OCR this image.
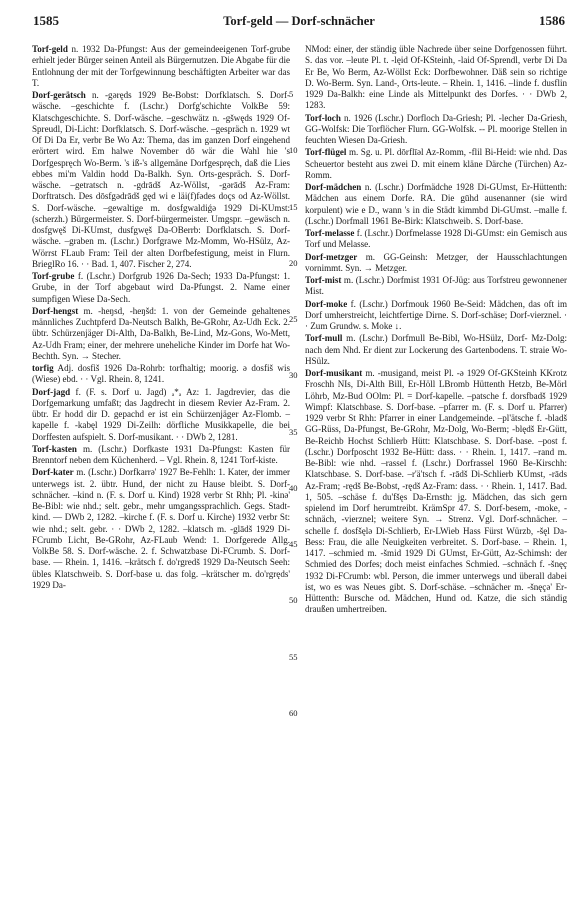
1585	Torf-geld — Dorf-schnächer	1586

Torf-geld n. 1932 Da-Pfungst: Aus der gemeindeeigenen Torf-grube erhielt jeder Bürger seinen Anteil als Bürgernutzen. Die Abgabe für die Entlohnung der mit der Torfgewinnung beschäftigten Arbeiter war das T.

Dorf-gerätsch n. -gəręds 1929 Be-Bobst: Dorfklatsch. S. Dorf-wäsche. –geschichte f. (Lschr.) Dorfg'schichte VolkBe 59: Klatschgeschichte. S. Dorf-wäsche. –geschwätz n. -gšwęds 1929 Of-Spreudl, Di-Licht: Dorfklatsch. S. Dorf-wäsche. –gespräch n. 1929 wt Of Di Da Er, verbr Be Wo Az: Thema, das im ganzen Dorf eingehend erörtert wird. Em halwe November dō wär die Wahl hie 's Dorfgespręch Wo-Berm. 's iß-'s allgemäne Dorfgespręch, daß die Lies ebbes mi'm Valdin hodd Da-Balkh. Syn. Orts-gespräch. S. Dorf-wäsche. –getratsch n. -gdrādš Az-Wöllst, -gərādš Az-Fram: Dorftratsch. Des dōsfgədrādš gęd wi e läi(f)fədes doçs od Az-Wöllst. S. Dorf-wäsche. –gewaltige m. dosfgwaldiǵə 1929 Di-KUmst: (scherzh.) Bürgermeister. S. Dorf-bürgermeister. Umgspr. –gewäsch n. dosfgwęš Di-KUmst, dusfgwęš Da-OBerrb: Dorfklatsch. S. Dorf-wäsche. –graben m. (Lschr.) Dorfgrawe Mz-Momm, Wo-HSülz, Az-Wörrst FLaub Fram: Teil der alten Dorfbefestigung, meist in Flurn. BrieglRo 16. · · Bad. 1, 407. Fischer 2, 274.

Torf-grube f. (Lschr.) Dorfgrub 1926 Da-Sech; 1933 Da-Pfungst: 1. Grube, in der Torf abgebaut wird Da-Pfungst. 2. Name einer sumpfigen Wiese Da-Sech.

Dorf-hengst m. -heŋsd, -heŋšd: 1. von der Gemeinde gehaltenes männliches Zuchtpferd Da-Neutsch Balkh, Be-GRohr, Az-Udh Eck. 2. übtr. Schürzenjäger Di-Alth, Da-Balkh, Be-Lind, Mz-Gons, Wo-Mett, Az-Udh Fram; einer, der mehrere uneheliche Kinder im Dorfe hat Wo-Bechth. Syn. → Stecher.

torfig Adj. dosfiš 1926 Da-Rohrb: torfhaltig; moorig. ə dosfiš wis (Wiese) ebd. · · Vgl. Rhein. 8, 1241.

Dorf-jagd f. (F. s. Dorf u. Jagd) ₐ*ₐ Az: 1. Jagdrevier, das die Dorfgemarkung umfaßt; das Jagdrecht in diesem Revier Az-Fram. 2. übtr. Er hodd dir D. gepachd er ist ein Schürzenjäger Az-Flomb. –kapelle f. -kabęl 1929 Di-Zeilh: dörfliche Musikkapelle, die bei Dorffesten aufspielt. S. Dorf-musikant. · · DWb 2, 1281.

Torf-kasten m. (Lschr.) Dorfkaste 1931 Da-Pfungst: Kasten für Brenntorf neben dem Küchenherd. – Vgl. Rhein. 8, 1241 Torf-kiste.

Dorf-kater m. (Lschr.) Dorfkarrə' 1927 Be-Fehlh: 1. Kater, der immer unterwegs ist. 2. übtr. Hund, der nicht zu Hause bleibt. S. Dorf-schnächer. –kind n. (F. s. Dorf u. Kind) 1928 verbr St Rhh; Pl. -kinə' Be-Bibl: wie nhd.; selt. gebr., mehr umgangssprachlich. Gegs. Stadt-kind. — DWb 2, 1282. –kirche f. (F. s. Dorf u. Kirche) 1932 verbr St: wie nhd.; selt. gebr. · · DWb 2, 1282. –klatsch m. -glādš 1929 Di-FCrumb Licht, Be-GRohr, Az-FLaub Wend: 1. Dorfgerede Allg. VolkBe 58. S. Dorf-wäsche. 2. f. Schwatzbase Di-FCrumb. S. Dorf-base. — Rhein. 1, 1416. –krätsch f. do'rgredš 1929 Da-Neutsch Seeh: übles Klatschweib. S. Dorf-base u. das folg. –krätscher m. do'rgręds' 1929 Da-

5
10
15
20
25
30
35
40
45
50
55
60

NMod: einer, der ständig üble Nachrede über seine Dorfgenossen führt. S. das vor. –leute Pl. t. -lęid Of-KSteinh, -laid Of-Sprendl, verbr Di Da Er Be, Wo Berm, Az-Wöllst Eck: Dorfbewohner. Däß sein so richtige D. Wo-Berm. Syn. Land-, Orts-leute. – Rhein. 1, 1416. –linde f. dusflin 1929 Da-Balkh: eine Linde als Mittelpunkt des Dorfes. · · DWb 2, 1283.

Torf-loch n. 1926 (Lschr.) Dorfloch Da-Griesh; Pl. -lecher Da-Griesh, GG-Wolfsk: Die Torflöcher Flurn. GG-Wolfsk. -- Pl. moorige Stellen in feuchten Wiesen Da-Griesh.

Torf-flügel m. Sg. u. Pl. dōrflīəl Az-Romm, -flil Bi-Heid: wie nhd. Das Scheuertor besteht aus zwei D. mit einem kläne Därche (Türchen) Az-Romm.

Dorf-mädchen n. (Lschr.) Dorfmädche 1928 Di-GUmst, Er-Hüttenth: Mädchen aus einem Dorfe. RA. Die gūhd ausenanner (sie wird korpulent) wie e D., wann 's in die Städt kimmbd Di-GUmst. –malle f. (Lschr.) Dorfmall 1961 Be-Birk: Klatschweib. S. Dorf-base.

Torf-melasse f. (Lschr.) Dorfmelasse 1928 Di-GUmst: ein Gemisch aus Torf und Melasse.

Dorf-metzger m. GG-Geinsh: Metzger, der Hausschlachtungen vornimmt. Syn. → Metzger.

Torf-mist m. (Lschr.) Dorfmist 1931 Of-Jüg: aus Torfstreu gewonnener Mist.

Dorf-moke f. (Lschr.) Dorfmouk 1960 Be-Seid: Mädchen, das oft im Dorf umherstreicht, leichtfertige Dirne. S. Dorf-schäse; Dorf-vierznel. · · Zum Grundw. s. Moke ↓.

Torf-mull m. (Lschr.) Dorfmull Be-Bibl, Wo-HSülz, Dorf- Mz-Dolg: nach dem Nhd. Er dient zur Lockerung des Gartenbodens. T. straie Wo-HSülz.

Dorf-musikant m. -musigand, meist Pl. -ə 1929 Of-GKSteinh KKrotz Froschh NIs, Di-Alth Bill, Er-Höll LBromb Hüttenth Hetzb, Be-Mörl Löhrb, Mz-Bud OOlm: Pl. = Dorf-kapelle. –patsche f. dorsfbadš 1929 Wimpf: Klatschbase. S. Dorf-base. –pfarrer m. (F. s. Dorf u. Pfarrer) 1929 verbr St Rhh: Pfarrer in einer Landgemeinde. –pl'ätsche f. -bladš GG-Rüss, Da-Pfungst, Be-GRohr, Mz-Dolg, Wo-Berm; -blędš Er-Gütt, Be-Reichb Hochst Schlierb Hütt: Klatschbase. S. Dorf-base. –post f. (Lschr.) Dorfposcht 1932 Be-Hütt: dass. · · Rhein. 1, 1417. –rand m. Be-Bibl: wie nhd. –rassel f. (Lschr.) Dorfrassel 1960 Be-Kirschh: Klatschbase. S. Dorf-base. –r'ä'tsch f. -rādš Di-Schlierb KUmst, -rāds Az-Fram; -rędš Be-Bobst, -rędš Az-Fram: dass. · · Rhein. 1, 1417. Bad. 1, 505. –schäse f. du'fšęs Da-Ernsth: jg. Mädchen, das sich gern spielend im Dorf herumtreibt. KrämSpr 47. S. Dorf-besem, -moke, -schnäch, -vierznel; weitere Syn. → Strenz. Vgl. Dorf-schnächer. –schelle f. dosfšęlə Di-Schlierb, Er-LWieb Hass Fürst Würzb, -šęl Da-Bess: Frau, die alle Neuigkeiten verbreitet. S. Dorf-base. – Rhein. 1, 1417. –schmied m. -šmid 1929 Di GUmst, Er-Gütt, Az-Schimsh: der Schmied des Dorfes; doch meist einfaches Schmied. –schnäch f. -šnęç 1932 Di-FCrumb: wbl. Person, die immer unterwegs und überall dabei ist, wo es was Neues gibt. S. Dorf-schäse. –schnächer m. -šnęçə' Er-Hüttenth: Bursche od. Mädchen, Hund od. Katze, die sich ständig draußen umhertreiben.
